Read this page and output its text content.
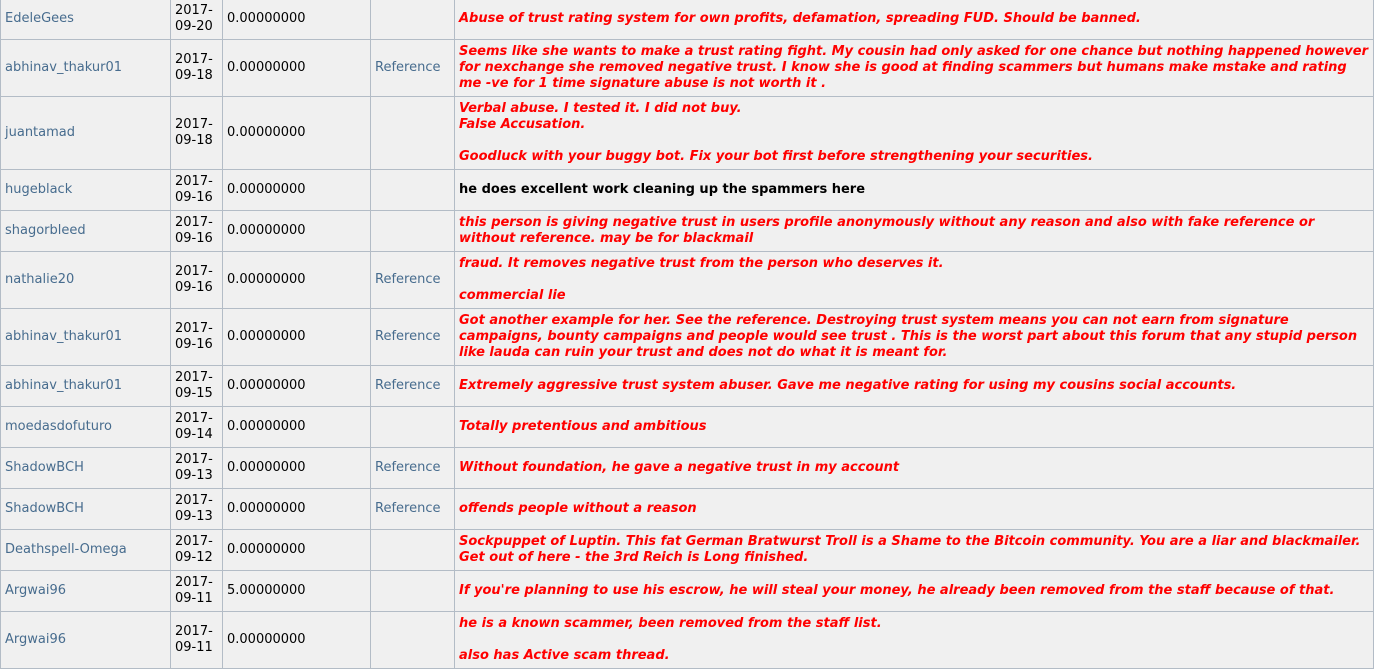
EdeleGees	2017-
09-20	0.00000000		Abuse of trust rating system for own profits, defamation, spreading FUD. Should be banned.
abhinav_thakur01	2017-
09-18	0.00000000	Reference	Seems like she wants to make a trust rating fight. My cousin had only asked for one chance but nothing happened however for nexchange she removed negative trust. I know she is good at finding scammers but humans make mstake and rating me -ve for 1 time signature abuse is not worth it .
juantamad	2017-
09-18	0.00000000		Verbal abuse. I tested it. I did not buy.
False Accusation.

Goodluck with your buggy bot. Fix your bot first before strengthening your securities.
hugeblack	2017-
09-16	0.00000000		he does excellent work cleaning up the spammers here
shagorbleed	2017-
09-16	0.00000000		this person is giving negative trust in users profile anonymously without any reason and also with fake reference or without reference. may be for blackmail
nathalie20	2017-
09-16	0.00000000	Reference	fraud. It removes negative trust from the person who deserves it.

commercial lie
abhinav_thakur01	2017-
09-16	0.00000000	Reference	Got another example for her. See the reference. Destroying trust system means you can not earn from signature campaigns, bounty campaigns and people would see trust . This is the worst part about this forum that any stupid person like lauda can ruin your trust and does not do what it is meant for.
abhinav_thakur01	2017-
09-15	0.00000000	Reference	Extremely aggressive trust system abuser. Gave me negative rating for using my cousins social accounts.
moedasdofuturo	2017-
09-14	0.00000000		Totally pretentious and ambitious
ShadowBCH	2017-
09-13	0.00000000	Reference	Without foundation, he gave a negative trust in my account
ShadowBCH	2017-
09-13	0.00000000	Reference	offends people without a reason
Deathspell-Omega	2017-
09-12	0.00000000		Sockpuppet of Luptin. This fat German Bratwurst Troll is a Shame to the Bitcoin community. You are a liar and blackmailer. Get out of here - the 3rd Reich is Long finished.
Argwai96	2017-
09-11	5.00000000		If you're planning to use his escrow, he will steal your money, he already been removed from the staff because of that.
Argwai96	2017-
09-11	0.00000000		he is a known scammer, been removed from the staff list.

also has Active scam thread.
